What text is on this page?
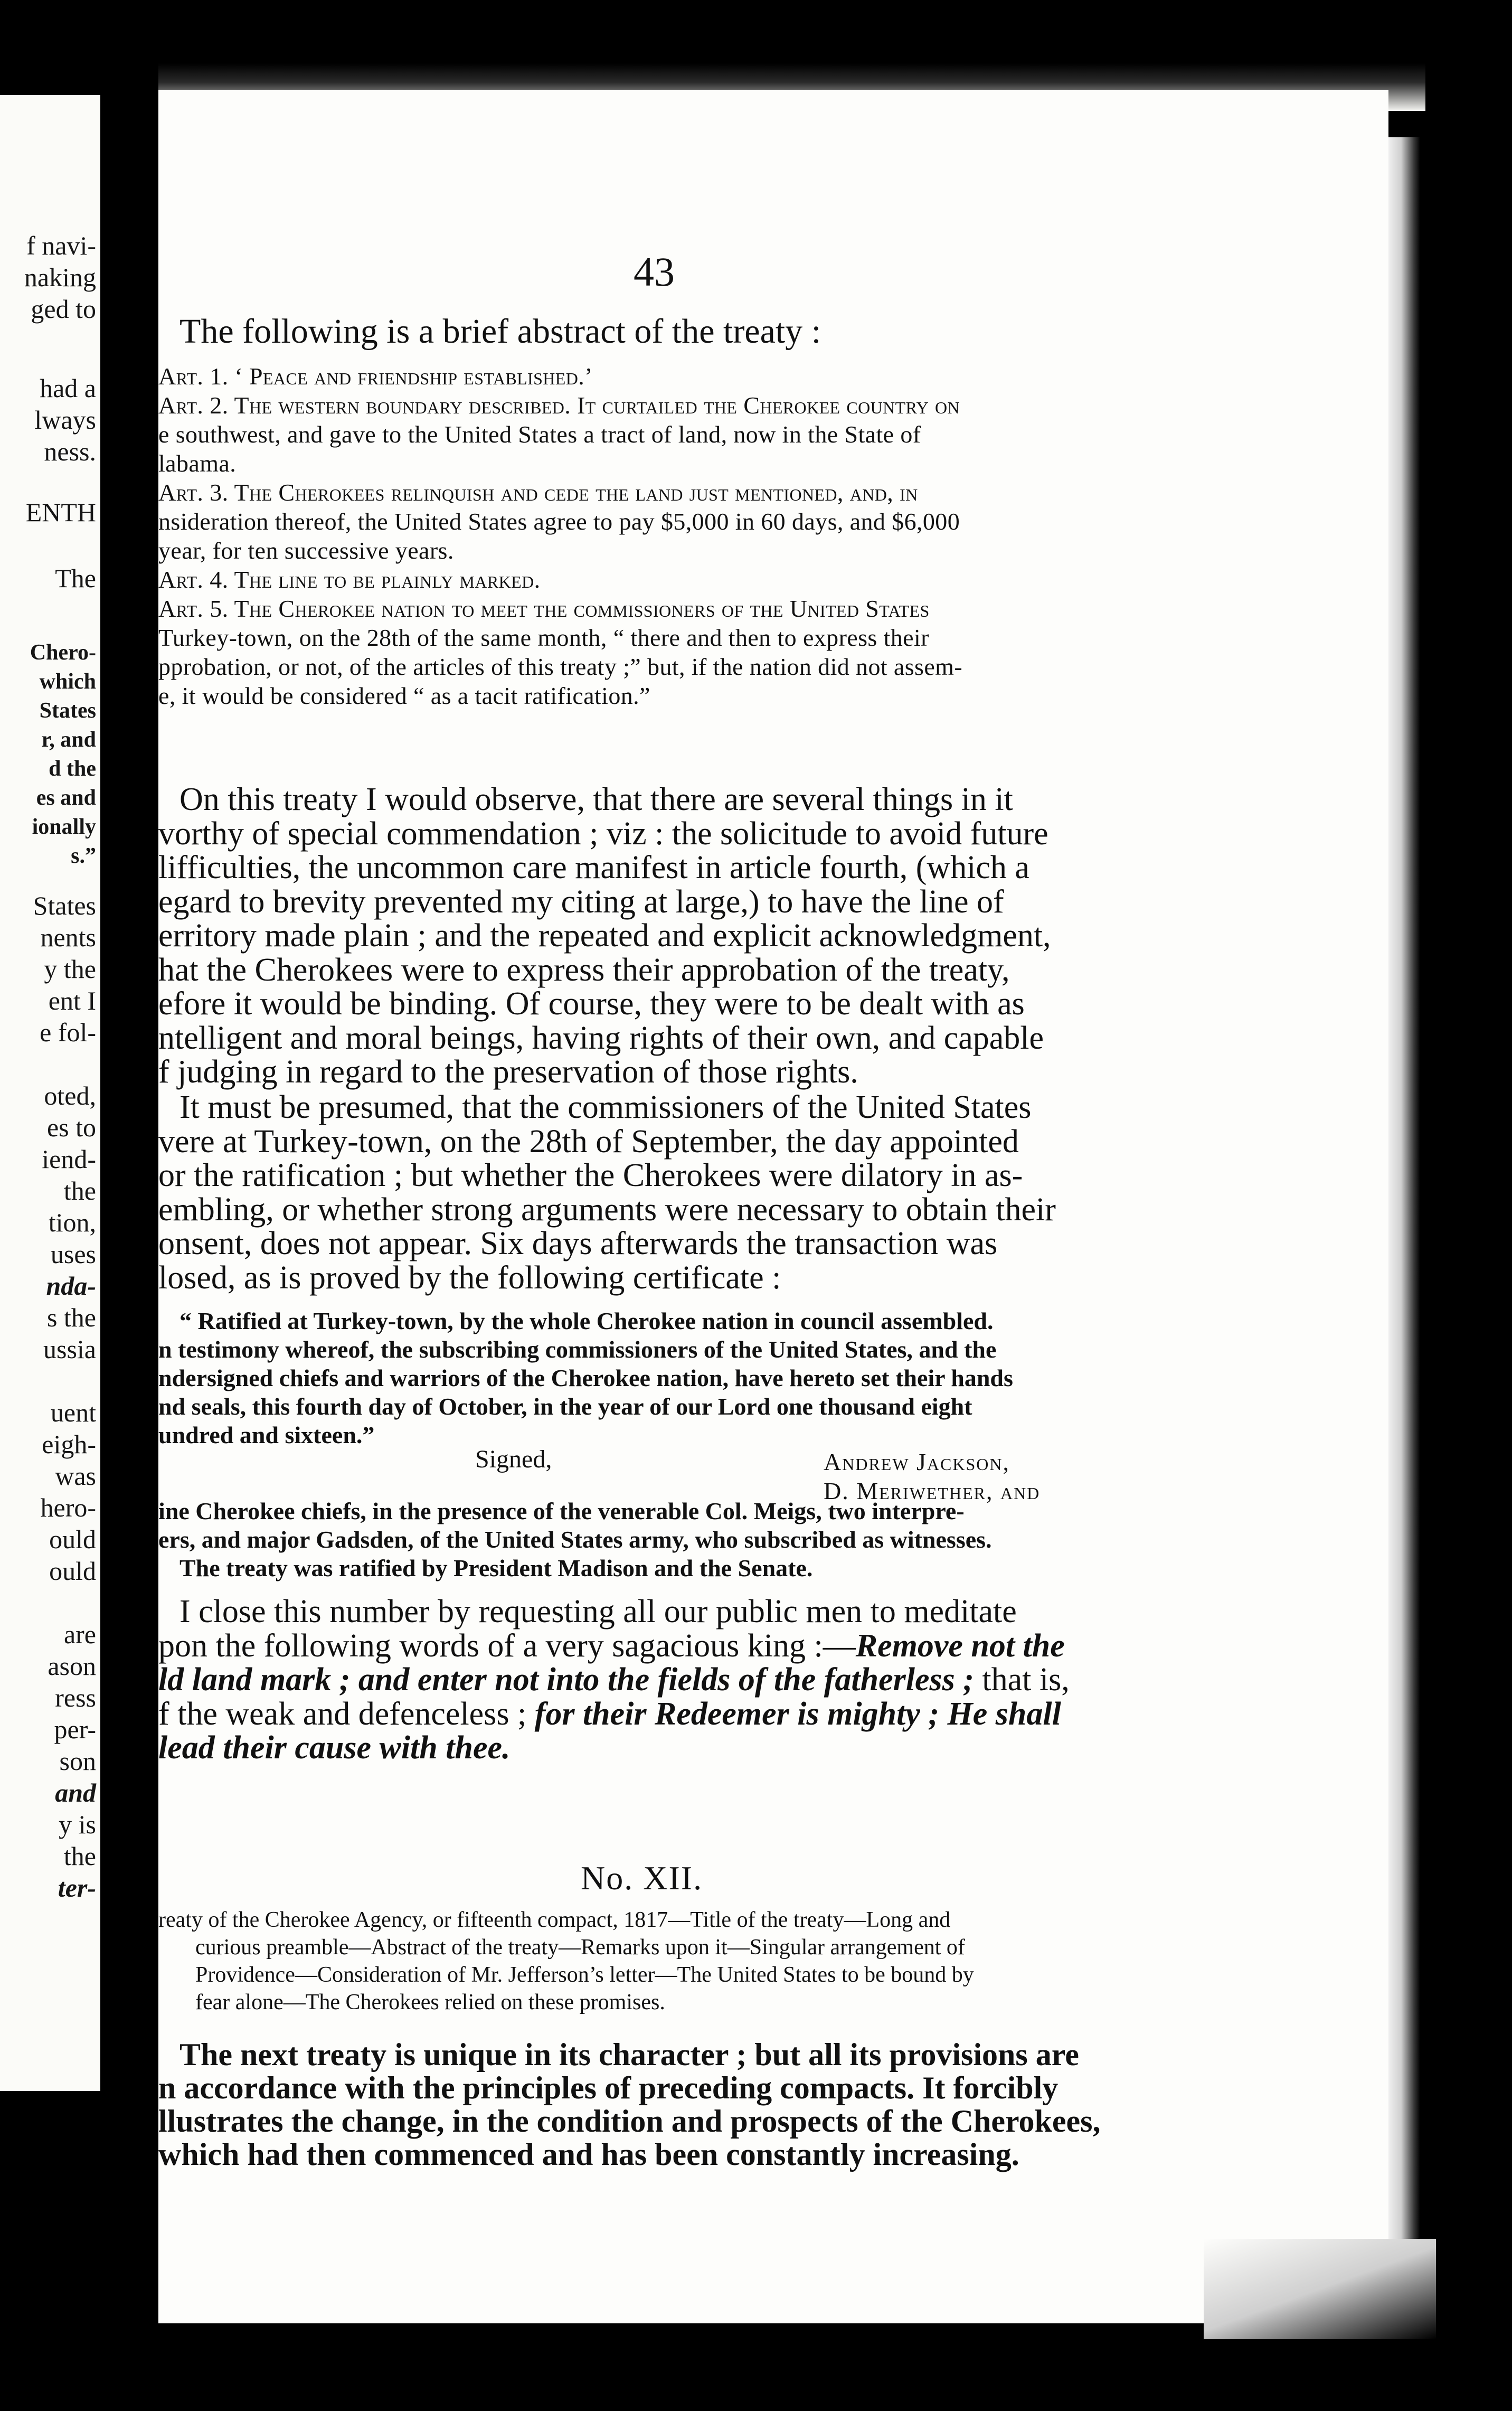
f navi-
naking
ged to
had a
lways
ness.
ENTH
The
Chero-
which
States
r, and
d the
es and
ionally
s.”
States
nents
y the
ent I
e fol-
oted,
es to
iend-
the
tion,
uses
nda-
s the
ussia
uent
eigh-
was
hero-
ould
ould
are
ason
ress
per-
son
and
y is
the
ter-
43
The following is a brief abstract of the treaty :
Art. 1. ‘ Peace and friendship established.’
Art. 2. The western boundary described. It curtailed the Cherokee country on
e southwest, and gave to the United States a tract of land, now in the State of
labama.
Art. 3. The Cherokees relinquish and cede the land just mentioned, and, in
nsideration thereof, the United States agree to pay $5,000 in 60 days, and $6,000
year, for ten successive years.
Art. 4. The line to be plainly marked.
Art. 5. The Cherokee nation to meet the commissioners of the United States
Turkey-town, on the 28th of the same month, “ there and then to express their
pprobation, or not, of the articles of this treaty ;” but, if the nation did not assem-
e, it would be considered “ as a tacit ratification.”
On this treaty I would observe, that there are several things in it
vorthy of special commendation ; viz : the solicitude to avoid future
lifficulties, the uncommon care manifest in article fourth, (which a
egard to brevity prevented my citing at large,) to have the line of
erritory made plain ; and the repeated and explicit acknowledgment,
hat the Cherokees were to express their approbation of the treaty,
efore it would be binding. Of course, they were to be dealt with as
ntelligent and moral beings, having rights of their own, and capable
f judging in regard to the preservation of those rights.
It must be presumed, that the commissioners of the United States
vere at Turkey-town, on the 28th of September, the day appointed
or the ratification ; but whether the Cherokees were dilatory in as-
embling, or whether strong arguments were necessary to obtain their
onsent, does not appear. Six days afterwards the transaction was
losed, as is proved by the following certificate :
“ Ratified at Turkey-town, by the whole Cherokee nation in council assembled.
n testimony whereof, the subscribing commissioners of the United States, and the
ndersigned chiefs and warriors of the Cherokee nation, have hereto set their hands
nd seals, this fourth day of October, in the year of our Lord one thousand eight
undred and sixteen.”
Signed,	Andrew Jackson,
D. Meriwether, and
ine Cherokee chiefs, in the presence of the venerable Col. Meigs, two interpre-
ers, and major Gadsden, of the United States army, who subscribed as witnesses.
The treaty was ratified by President Madison and the Senate.
I close this number by requesting all our public men to meditate
pon the following words of a very sagacious king :—Remove not the
ld land mark ; and enter not into the fields of the fatherless ; that is,
f the weak and defenceless ; for their Redeemer is mighty ; He shall
lead their cause with thee.
No. XII.
reaty of the Cherokee Agency, or fifteenth compact, 1817—Title of the treaty—Long and
curious preamble—Abstract of the treaty—Remarks upon it—Singular arrangement of
Providence—Consideration of Mr. Jefferson’s letter—The United States to be bound by
fear alone—The Cherokees relied on these promises.
The next treaty is unique in its character ; but all its provisions are
n accordance with the principles of preceding compacts. It forcibly
llustrates the change, in the condition and prospects of the Cherokees,
which had then commenced and has been constantly increasing.
